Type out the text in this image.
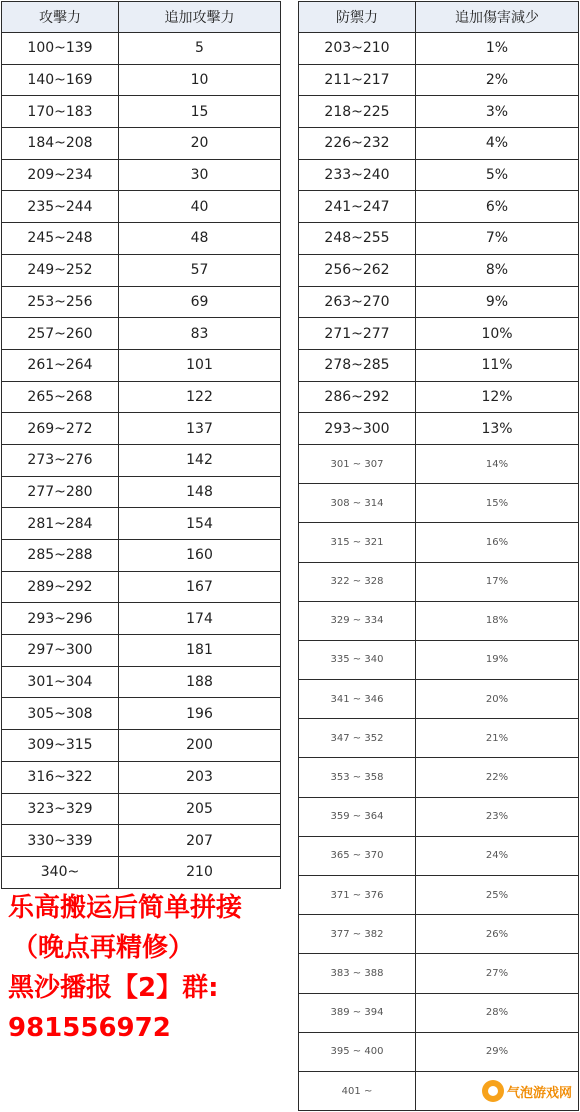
攻擊力	追加攻擊力
100~139	5
140~169	10
170~183	15
184~208	20
209~234	30
235~244	40
245~248	48
249~252	57
253~256	69
257~260	83
261~264	101
265~268	122
269~272	137
273~276	142
277~280	148
281~284	154
285~288	160
289~292	167
293~296	174
297~300	181
301~304	188
305~308	196
309~315	200
316~322	203
323~329	205
330~339	207
340~	210
防禦力	追加傷害減少
203~210	1%
211~217	2%
218~225	3%
226~232	4%
233~240	5%
241~247	6%
248~255	7%
256~262	8%
263~270	9%
271~277	10%
278~285	11%
286~292	12%
293~300	13%
301 ~ 307	14%
308 ~ 314	15%
315 ~ 321	16%
322 ~ 328	17%
329 ~ 334	18%
335 ~ 340	19%
341 ~ 346	20%
347 ~ 352	21%
353 ~ 358	22%
359 ~ 364	23%
365 ~ 370	24%
371 ~ 376	25%
377 ~ 382	26%
383 ~ 388	27%
389 ~ 394	28%
395 ~ 400	29%
401 ~	
乐高搬运后简单拼接
（晚点再精修）
黑沙播报【2】群:
981556972
气泡游戏网
